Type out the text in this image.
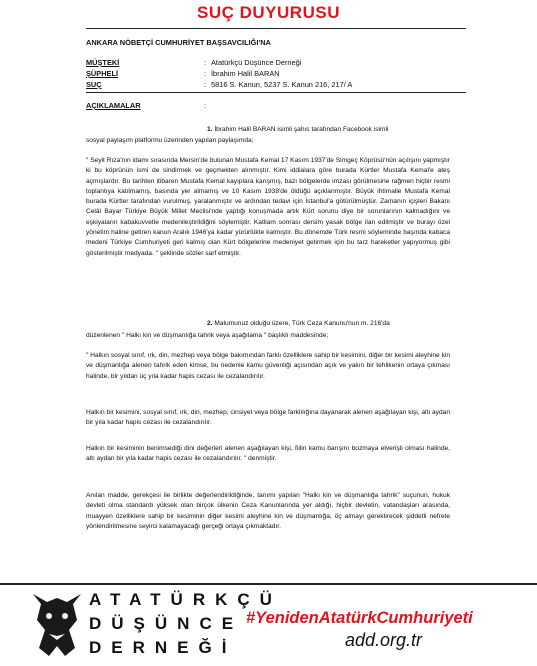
SUÇ DUYURUSU
ANKARA NÖBETÇİ CUMHURİYET BAŞSAVCILIĞI'NA
MÜŞTEKİ	: Atatürkçü Düşünce Derneği
ŞÜPHELİ	: İbrahim Halil BARAN
SUÇ	: 5816 S. Kanun, 5237 S. Kanun 216, 217/ A
AÇIKLAMALAR	:
1. İbrahim Halil BARAN isimli şahıs tarafından Facebook isimli

sosyal paylaşım platformu üzerinden yapılan paylaşımda;

" Seyit Rıza'nın idamı sırasında Mersin'de bulunan Mustafa Kemal 17 Kasım 1937'de Simgeç Köprüsü'nün açılışını yapmıştır ki bu köprünün ismi de sindirmek ve geçmekten alınmıştır. Kimi iddialara göre burada Kürtler Mustafa Kemal'e ateş açmışlardır. Bu tarihten itibaren Mustafa Kemal kayıplara karışmış, bazı bölgelerde imzası görülmesine rağmen hiçbir resmi toplantıya katılmamış, basında yer almamış ve 10 Kasım 1938'de öldüğü açıklanmıştır. Büyük ihtimalle Mustafa Kemal burada Kürtler tarafından vurulmuş, yaralanmıştır ve ardından tedavi için İstanbul'a götürülmüştür. Zamanın içişleri Bakanı Celâl Bayar Türkiye Büyük Millet Meclisi'nde yaptığı konuşmada artık Kürt sorunu diye bir sorunlarının kalmadığını ve eşkiyaların kabakuvvetle medenileştirildiğini söylemiştir. Katliam sonrası dersim yasak bölge ilan edilmiştir ve burayı özel yönetim haline getiren kanun Aralık 1946'ya kadar yürürlükte kalmıştır. Bu dönemde Türk resmi söyleminde başında kabaca medeni Türkiye Cumhuriyeti geri kalmış olan Kürt bölgelerine medeniyet getirmek için bu tarz hareketler yapıyormuş gibi gösterilmiştir medyada. " şeklinde sözler sarf etmiştir.

2. Malumunuz olduğu üzere, Türk Ceza Kanunu'nun m. 216'da

düzenlenen " Halkı kin ve düşmanlığa tahrik veya aşağılama " başlıklı maddesinde;

" Halkın sosyal sınıf, ırk, din, mezhep veya bölge bakımından farklı özelliklere sahip bir kesimini, diğer bir kesimi aleyhine kin ve düşmanlığa alenen tahrik eden kimse, bu nedenle kamu güvenliği açısından açık ve yakın bir tehlikenin ortaya çıkması halinde, bir yıldan üç yıla kadar hapis cezası ile cezalandırılır.

Halkın bir kesimini, sosyal sınıf, ırk, din, mezhep, cinsiyet veya bölge farklılığına dayanarak alenen aşağılayan kişi, altı aydan bir yıla kadar hapis cezası ile cezalandırılır.

Halkın bir kesiminin benimsediği dini değerleri alenen aşağılayan kişi, fiilin kamu barışını bozmaya elverişli olması halinde, altı aydan bir yıla kadar hapis cezası ile cezalandırılır. " denmiştir.

Anılan madde, gerekçesi ile birlikte değerlendirildiğinde, tanımı yapılan "Halkı kin ve düşmanlığa tahrik" suçunun, hukuk devleti olma standardı yüksek olan birçok ülkenin Ceza Kanunlarında yer aldığı, hiçbir devletin, vatandaşları arasında, muayyen özelliklere sahip bir kesiminin diğer kesimi aleyhine kin ve düşmanlığa, öç almayı gerektirecek şiddetli nefrete yönlendirilmesine seyirci kalamayacağı gerçeği ortaya çıkmaktadır.

ATATÜRKÇÜ
DÜŞÜNCE
DERNEĞİ
#YenidenAtatürkCumhuriyeti
add.org.tr
